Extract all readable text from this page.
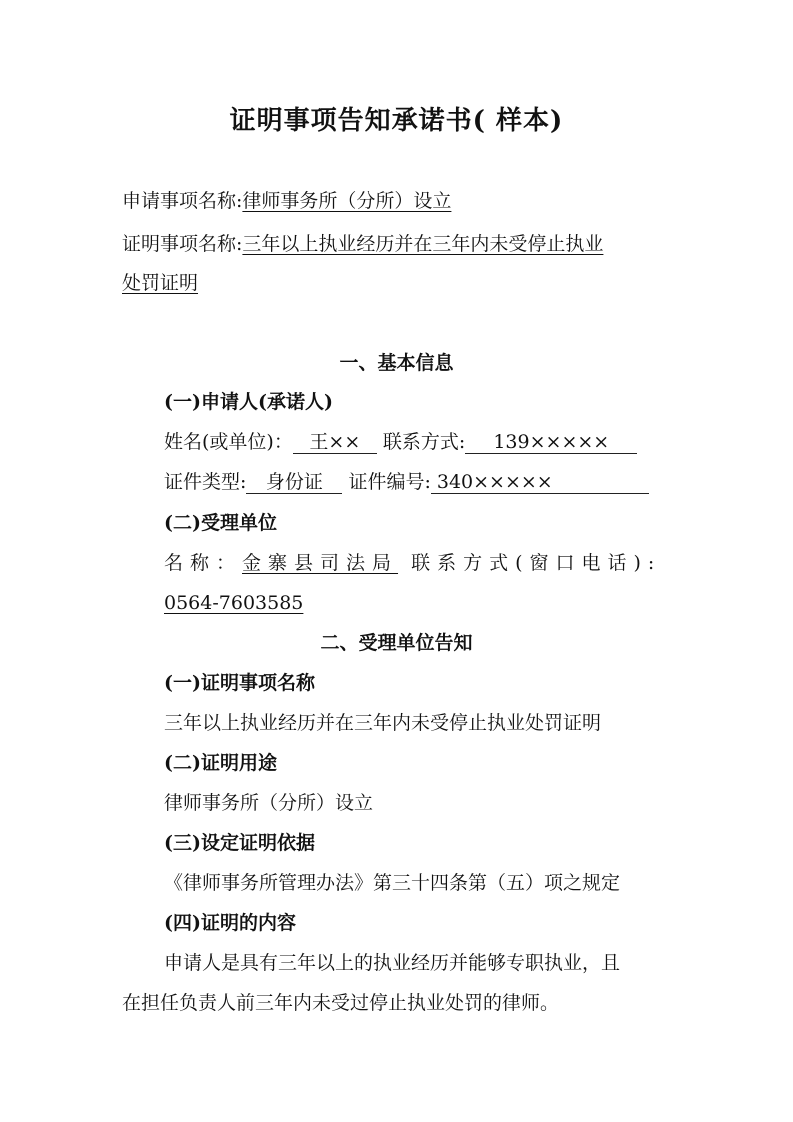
证明事项告知承诺书( 样本)
申请事项名称:律师事务所（分所）设立
证明事项名称:三年以上执业经历并在三年内未受停止执业
处罚证明
一、基本信息
(一)申请人(承诺人)
姓名(或单位)： 王×× 联系方式: 139×××××
证件类型: 身份证 证件编号: 340×××××
(二)受理单位
名称：金寨县司法局 联系方式(窗口电话):
0564-7603585
二、受理单位告知
(一)证明事项名称
三年以上执业经历并在三年内未受停止执业处罚证明
(二)证明用途
律师事务所（分所）设立
(三)设定证明依据
《律师事务所管理办法》第三十四条第（五）项之规定
(四)证明的内容
申请人是具有三年以上的执业经历并能够专职执业，且
在担任负责人前三年内未受过停止执业处罚的律师。
